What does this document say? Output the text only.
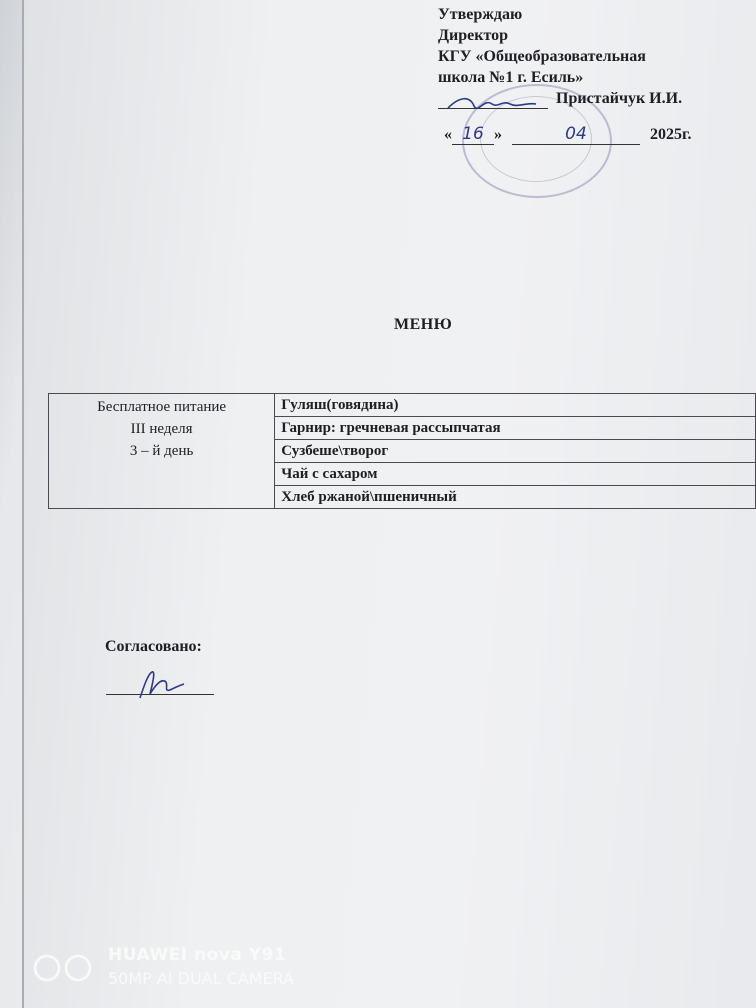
Утверждаю
Директор
КГУ «Общеобразовательная
школа №1 г. Есиль»
Пристайчук И.И.
« 16 »	04	2025г.
МЕНЮ
Бесплатное питание
III неделя
3 – й день
	Гуляш(говядина)
Гарнир: гречневая рассыпчатая
Сузбеше\творог
Чай с сахаром
Хлеб ржаной\пшеничный
Согласовано:
HUAWEI nova Y91
50MP AI DUAL CAMERA
